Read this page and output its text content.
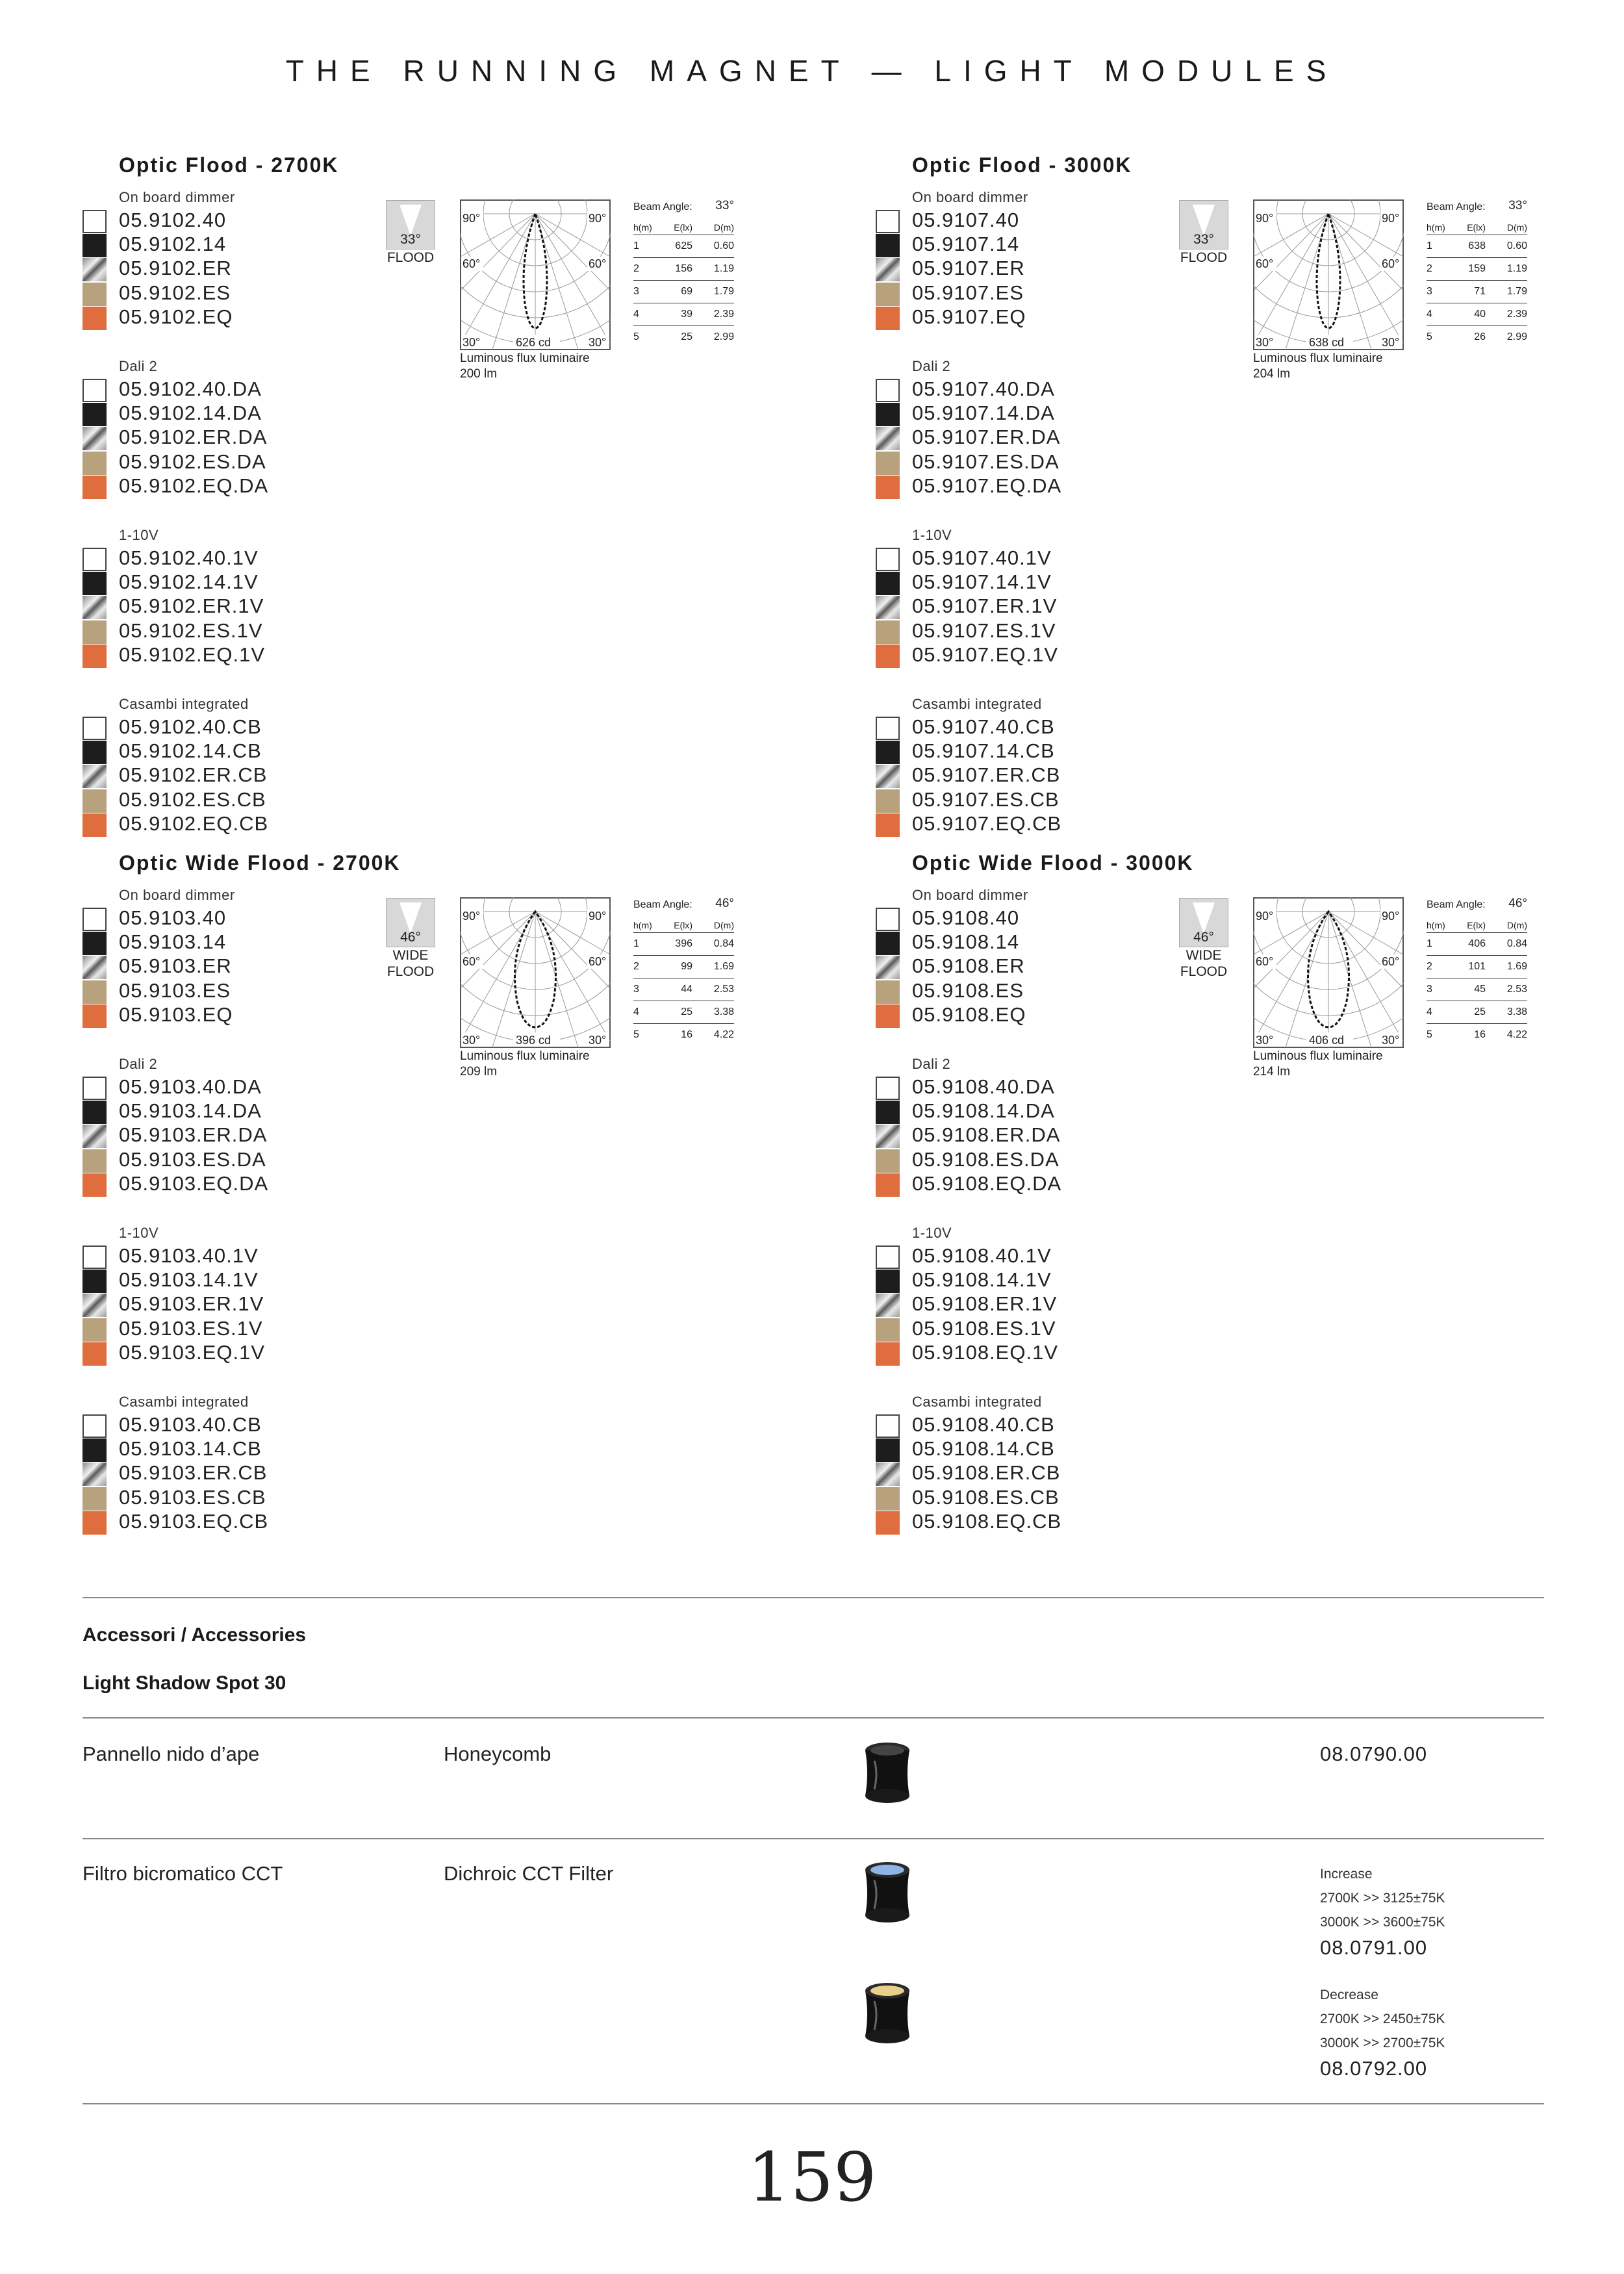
THE RUNNING MAGNET — LIGHT MODULES
Optic Flood - 2700K
On board dimmer
05.9102.40
05.9102.14
05.9102.ER
05.9102.ES
05.9102.EQ
Dali 2
05.9102.40.DA
05.9102.14.DA
05.9102.ER.DA
05.9102.ES.DA
05.9102.EQ.DA
1-10V
05.9102.40.1V
05.9102.14.1V
05.9102.ER.1V
05.9102.ES.1V
05.9102.EQ.1V
Casambi integrated
05.9102.40.CB
05.9102.14.CB
05.9102.ER.CB
05.9102.ES.CB
05.9102.EQ.CB
33°
FLOOD
90°	90°
60°	60°
30°	30°
626 cd
Luminous flux luminaire
200 lm
Beam Angle: 33°
h(m) E(lx) D(m)
1	625 0.60
2	156 1.19
3	69 1.79
4	39 2.39
5	25 2.99
Optic Flood - 3000K
On board dimmer
05.9107.40
05.9107.14
05.9107.ER
05.9107.ES
05.9107.EQ
Dali 2
05.9107.40.DA
05.9107.14.DA
05.9107.ER.DA
05.9107.ES.DA
05.9107.EQ.DA
1-10V
05.9107.40.1V
05.9107.14.1V
05.9107.ER.1V
05.9107.ES.1V
05.9107.EQ.1V
Casambi integrated
05.9107.40.CB
05.9107.14.CB
05.9107.ER.CB
05.9107.ES.CB
05.9107.EQ.CB
33°
FLOOD
90°	90°
60°	60°
30°	30°
638 cd
Luminous flux luminaire
204 lm
Beam Angle: 33°
h(m) E(lx) D(m)
1	638 0.60
2	159 1.19
3	71 1.79
4	40 2.39
5	26 2.99
Optic Wide Flood - 2700K
On board dimmer
05.9103.40
05.9103.14
05.9103.ER
05.9103.ES
05.9103.EQ
Dali 2
05.9103.40.DA
05.9103.14.DA
05.9103.ER.DA
05.9103.ES.DA
05.9103.EQ.DA
1-10V
05.9103.40.1V
05.9103.14.1V
05.9103.ER.1V
05.9103.ES.1V
05.9103.EQ.1V
Casambi integrated
05.9103.40.CB
05.9103.14.CB
05.9103.ER.CB
05.9103.ES.CB
05.9103.EQ.CB
46°
WIDE
FLOOD
90°	90°
60°	60°
30°	30°
396 cd
Luminous flux luminaire
209 lm
Beam Angle: 46°
h(m) E(lx) D(m)
1	396 0.84
2	99 1.69
3	44 2.53
4	25 3.38
5	16 4.22
Optic Wide Flood - 3000K
On board dimmer
05.9108.40
05.9108.14
05.9108.ER
05.9108.ES
05.9108.EQ
Dali 2
05.9108.40.DA
05.9108.14.DA
05.9108.ER.DA
05.9108.ES.DA
05.9108.EQ.DA
1-10V
05.9108.40.1V
05.9108.14.1V
05.9108.ER.1V
05.9108.ES.1V
05.9108.EQ.1V
Casambi integrated
05.9108.40.CB
05.9108.14.CB
05.9108.ER.CB
05.9108.ES.CB
05.9108.EQ.CB
46°
WIDE
FLOOD
90°	90°
60°	60°
30°	30°
406 cd
Luminous flux luminaire
214 lm
Beam Angle: 46°
h(m) E(lx) D(m)
1	406 0.84
2	101 1.69
3	45 2.53
4	25 3.38
5	16 4.22
Accessori / Accessories
Light Shadow Spot 30
Pannello nido d’ape	Honeycomb	08.0790.00
Filtro bicromatico CCT	Dichroic CCT Filter	Increase
2700K >> 3125±75K
3000K >> 3600±75K
08.0791.00
Decrease
2700K >> 2450±75K
3000K >> 2700±75K
08.0792.00
159
